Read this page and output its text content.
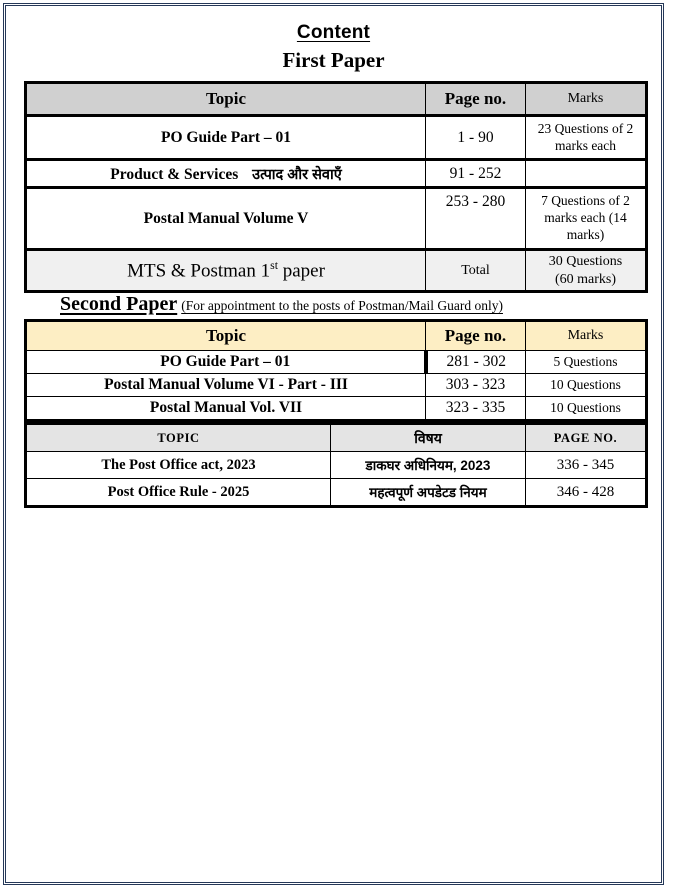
Content
First Paper
Topic	Page no.	Marks
PO Guide Part – 01	1 - 90	23 Questions of 2 marks each
Product & Services उत्पाद और सेवाएँ	91 - 252	
Postal Manual Volume V	253 - 280	7 Questions of 2 marks each (14 marks)
MTS & Postman 1st paper	Total	30 Questions
(60 marks)
Second Paper (For appointment to the posts of Postman/Mail Guard only)
Topic	Page no.	Marks
PO Guide Part – 01	281 - 302	5 Questions
Postal Manual Volume VI - Part - III	303 - 323	10 Questions
Postal Manual Vol. VII	323 - 335	10 Questions
TOPIC	विषय	PAGE NO.
The Post Office act, 2023	डाकघर अधिनियम, 2023	336 - 345
Post Office Rule - 2025	महत्वपूर्ण अपडेटड नियम	346 - 428
